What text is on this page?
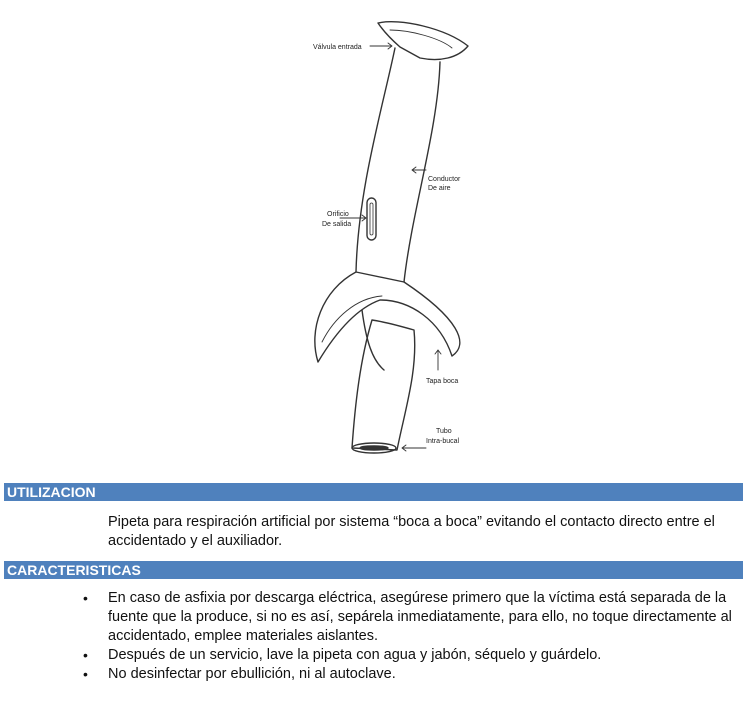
Válvula entrada
Conductor
De aire
Orificio
De salida
Tapa boca
Tubo
Intra-bucal
UTILIZACION
Pipeta para respiración artificial por sistema “boca a boca” evitando el contacto directo entre el accidentado y el auxiliador.
CARACTERISTICAS
• En caso de asfixia por descarga eléctrica, asegúrese primero que la víctima está separada de la fuente que la produce, si no es así, sepárela inmediatamente, para ello, no toque directamente al accidentado, emplee materiales aislantes.
• Después de un servicio, lave la pipeta con agua y jabón, séquelo y guárdelo.
• No desinfectar por ebullición, ni al autoclave.
